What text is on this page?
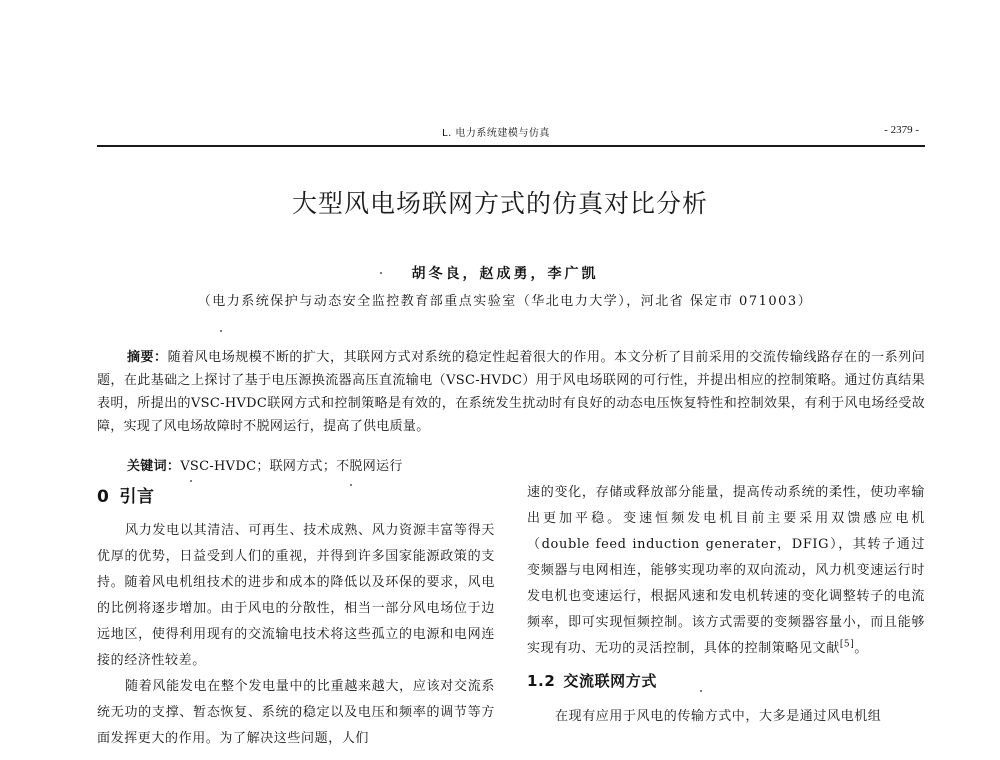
L. 电力系统建模与仿真	- 2379 -
大型风电场联网方式的仿真对比分析
胡冬良，赵成勇，李广凯
（电力系统保护与动态安全监控教育部重点实验室（华北电力大学），河北省 保定市 071003）

摘要：随着风电场规模不断的扩大，其联网方式对系统的稳定性起着很大的作用。本文分析了目前采用的交流传输线路存在的一系列问题，在此基础之上探讨了基于电压源换流器高压直流输电（VSC-HVDC）用于风电场联网的可行性，并提出相应的控制策略。通过仿真结果表明，所提出的VSC-HVDC联网方式和控制策略是有效的，在系统发生扰动时有良好的动态电压恢复特性和控制效果，有利于风电场经受故障，实现了风电场故障时不脱网运行，提高了供电质量。

关键词：VSC-HVDC；联网方式；不脱网运行
0 引言

风力发电以其清洁、可再生、技术成熟、风力资源丰富等得天优厚的优势，日益受到人们的重视，并得到许多国家能源政策的支持。随着风电机组技术的进步和成本的降低以及环保的要求，风电的比例将逐步增加。由于风电的分散性，相当一部分风电场位于边远地区，使得利用现有的交流输电技术将这些孤立的电源和电网连接的经济性较差。

随着风能发电在整个发电量中的比重越来越大，应该对交流系统无功的支撑、暂态恢复、系统的稳定以及电压和频率的调节等方面发挥更大的作用。为了解决这些问题，人们

速的变化，存储或释放部分能量，提高传动系统的柔性，使功率输出更加平稳。变速恒频发电机目前主要采用双馈感应电机（double feed induction generater，DFIG），其转子通过变频器与电网相连，能够实现功率的双向流动，风力机变速运行时发电机也变速运行，根据风速和发电机转速的变化调整转子的电流频率，即可实现恒频控制。该方式需要的变频器容量小，而且能够实现有功、无功的灵活控制，具体的控制策略见文献[5]。

1.2 交流联网方式

在现有应用于风电的传输方式中，大多是通过风电机组
